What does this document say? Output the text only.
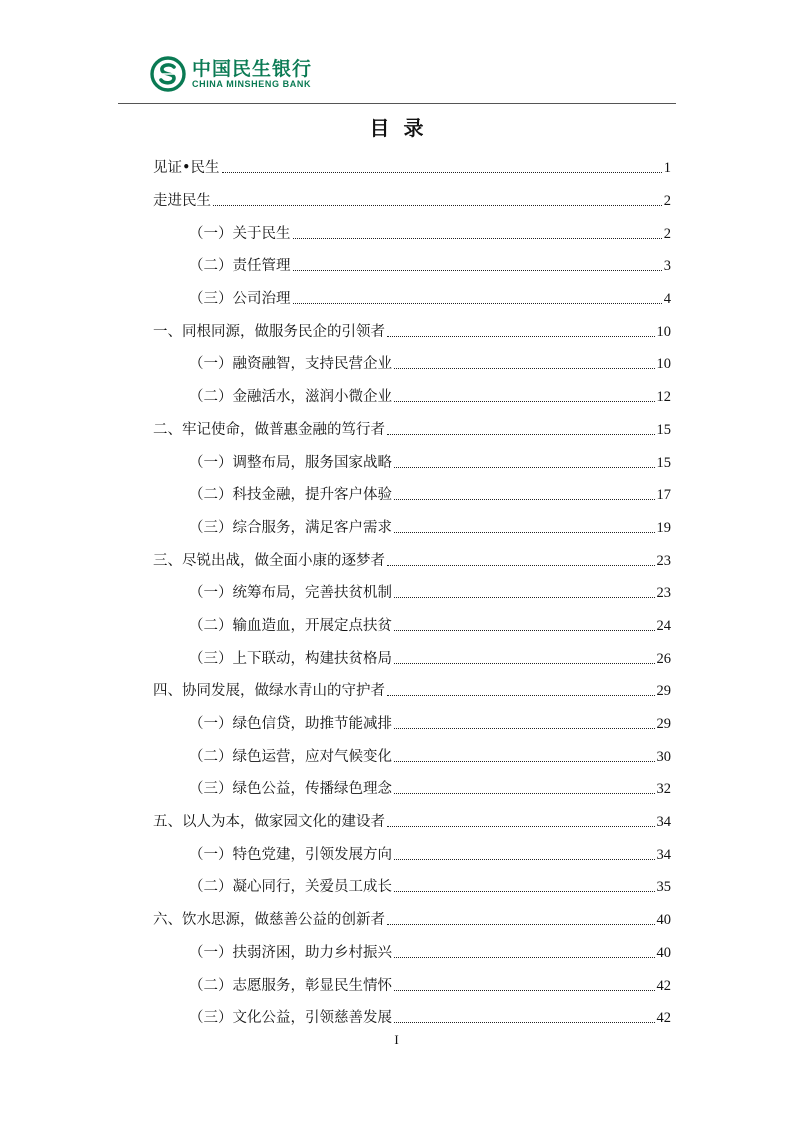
中国民生银行
CHINA MINSHENG BANK
目  录
见证•民生	1
走进民生	2
（一）关于民生	2
（二）责任管理	3
（三）公司治理	4
一、同根同源，做服务民企的引领者	10
（一）融资融智，支持民营企业	10
（二）金融活水，滋润小微企业	12
二、牢记使命，做普惠金融的笃行者	15
（一）调整布局，服务国家战略	15
（二）科技金融，提升客户体验	17
（三）综合服务，满足客户需求	19
三、尽锐出战，做全面小康的逐梦者	23
（一）统筹布局，完善扶贫机制	23
（二）输血造血，开展定点扶贫	24
（三）上下联动，构建扶贫格局	26
四、协同发展，做绿水青山的守护者	29
（一）绿色信贷，助推节能减排	29
（二）绿色运营，应对气候变化	30
（三）绿色公益，传播绿色理念	32
五、以人为本，做家园文化的建设者	34
（一）特色党建，引领发展方向	34
（二）凝心同行，关爱员工成长	35
六、饮水思源，做慈善公益的创新者	40
（一）扶弱济困，助力乡村振兴	40
（二）志愿服务，彰显民生情怀	42
（三）文化公益，引领慈善发展	42
I
